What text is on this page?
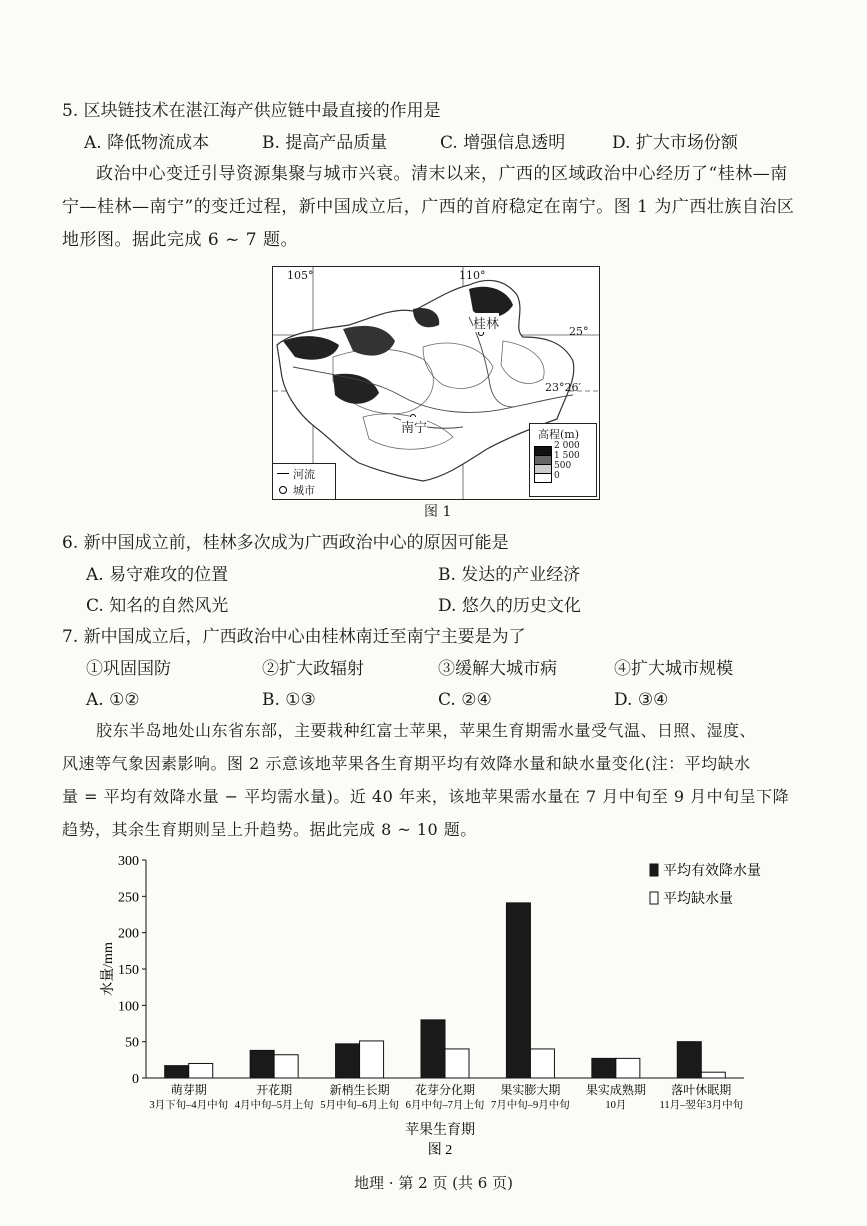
5. 区块链技术在湛江海产供应链中最直接的作用是
A. 降低物流成本	B. 提高产品质量	C. 增强信息透明	D. 扩大市场份额
政治中心变迁引导资源集聚与城市兴衰。清末以来，广西的区域政治中心经历了“桂林—南
宁—桂林—南宁”的变迁过程，新中国成立后，广西的首府稳定在南宁。图 1 为广西壮族自治区
地形图。据此完成 6 ~ 7 题。
105°	110°
25°
23°26′
桂林
南宁	高程(m)
2 000
1 500
500
0
河流
城市
图 1
6. 新中国成立前，桂林多次成为广西政治中心的原因可能是
A. 易守难攻的位置	B. 发达的产业经济
C. 知名的自然风光	D. 悠久的历史文化
7. 新中国成立后，广西政治中心由桂林南迁至南宁主要是为了
①巩固国防	②扩大政辐射	③缓解大城市病	④扩大城市规模
A. ①②	B. ①③	C. ②④	D. ③④
胶东半岛地处山东省东部，主要栽种红富士苹果，苹果生育期需水量受气温、日照、湿度、
风速等气象因素影响。图 2 示意该地苹果各生育期平均有效降水量和缺水量变化(注：平均缺水
量 = 平均有效降水量 − 平均需水量)。近 40 年来，该地苹果需水量在 7 月中旬至 9 月中旬呈下降
趋势，其余生育期则呈上升趋势。据此完成 8 ~ 10 题。
0
50
100
150
200
250
300
水量/mm
萌芽期
3月下旬–4月中旬
开花期
4月中旬–5月上旬
新梢生长期
5月中旬–6月上旬
花芽分化期
6月中旬–7月上旬
果实膨大期
7月中旬–9月中旬
果实成熟期
10月
落叶休眠期
11月–翌年3月中旬
苹果生育期
图 2
平均有效降水量
平均缺水量
地理 · 第 2 页 (共 6 页)
